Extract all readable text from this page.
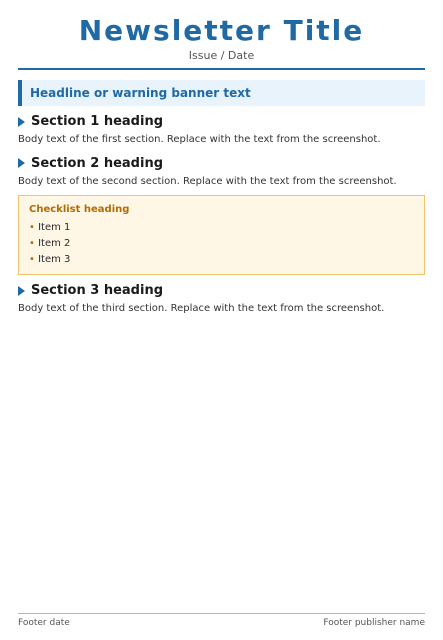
Newsletter Title
Issue / Date
Headline or warning banner text
Section 1 heading
Body text of the first section. Replace with the text from the screenshot.
Section 2 heading
Body text of the second section. Replace with the text from the screenshot.
Checklist heading
• Item 1
• Item 2
• Item 3
Section 3 heading
Body text of the third section. Replace with the text from the screenshot.
Footer date	Footer publisher name
